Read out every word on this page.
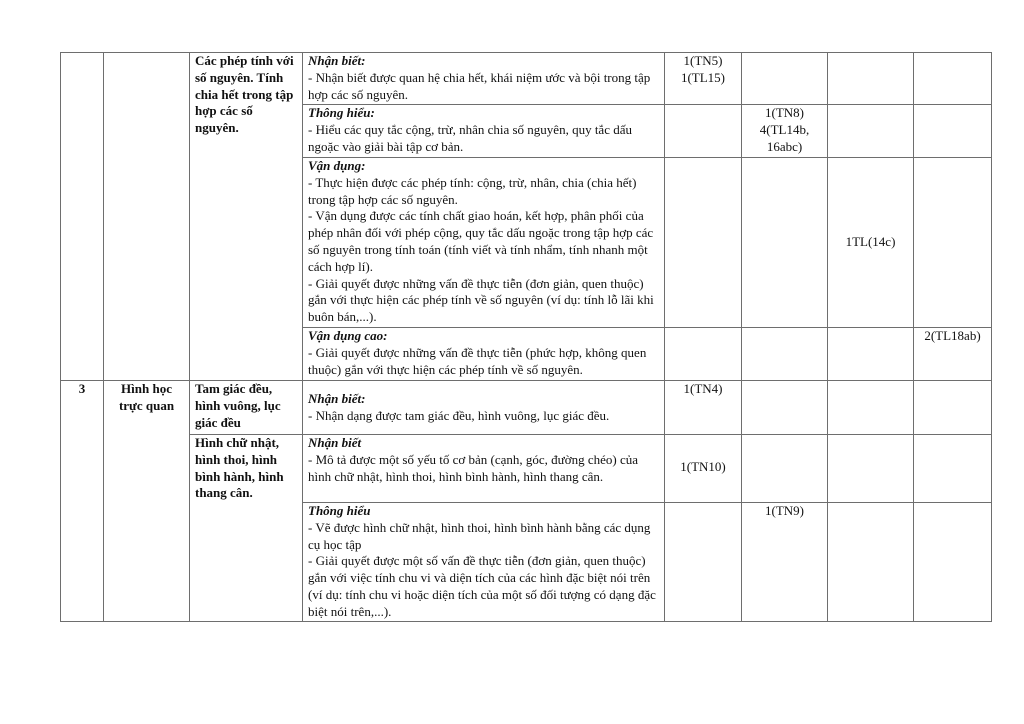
		Các phép tính với số nguyên. Tính chia hết trong tập hợp các số nguyên.	Nhận biết:
- Nhận biết được quan hệ chia hết, khái niệm ước và bội trong tập hợp các số nguyên.	1(TN5)
1(TL15)			

			Thông hiểu:
- Hiểu các quy tắc cộng, trừ, nhân chia số nguyên, quy tắc dấu ngoặc vào giải bài tập cơ bản.		1(TN8)
4(TL14b,
16abc)		

			Vận dụng:
- Thực hiện được các phép tính: cộng, trừ, nhân, chia (chia hết) trong tập hợp các số nguyên.
- Vận dụng được các tính chất giao hoán, kết hợp, phân phối của phép nhân đối với phép cộng, quy tắc dấu ngoặc trong tập hợp các số nguyên trong tính toán (tính viết và tính nhẩm, tính nhanh một cách hợp lí).
- Giải quyết được những vấn đề thực tiễn (đơn giản, quen thuộc) gắn với thực hiện các phép tính về số nguyên (ví dụ: tính lỗ lãi khi buôn bán,...).			1TL(14c)	

			Vận dụng cao:
- Giải quyết được những vấn đề thực tiễn (phức hợp, không quen thuộc) gắn với thực hiện các phép tính về số nguyên.				2(TL18ab)

3	Hình học trực quan	Tam giác đều, hình vuông, lục giác đều	Nhận biết:
- Nhận dạng được tam giác đều, hình vuông, lục giác đều.	1(TN4)			

		Hình chữ nhật, hình thoi, hình bình hành, hình thang cân.	Nhận biết
- Mô tả được một số yếu tố cơ bản (cạnh, góc, đường chéo) của hình chữ nhật, hình thoi, hình bình hành, hình thang cân.	1(TN10)			

			Thông hiểu
- Vẽ được hình chữ nhật, hình thoi, hình bình hành bằng các dụng cụ học tập
- Giải quyết được một số vấn đề thực tiễn (đơn giản, quen thuộc) gắn với việc tính chu vi và diện tích của các hình đặc biệt nói trên (ví dụ: tính chu vi hoặc diện tích của một số đối tượng có dạng đặc biệt nói trên,...).		1(TN9)		
